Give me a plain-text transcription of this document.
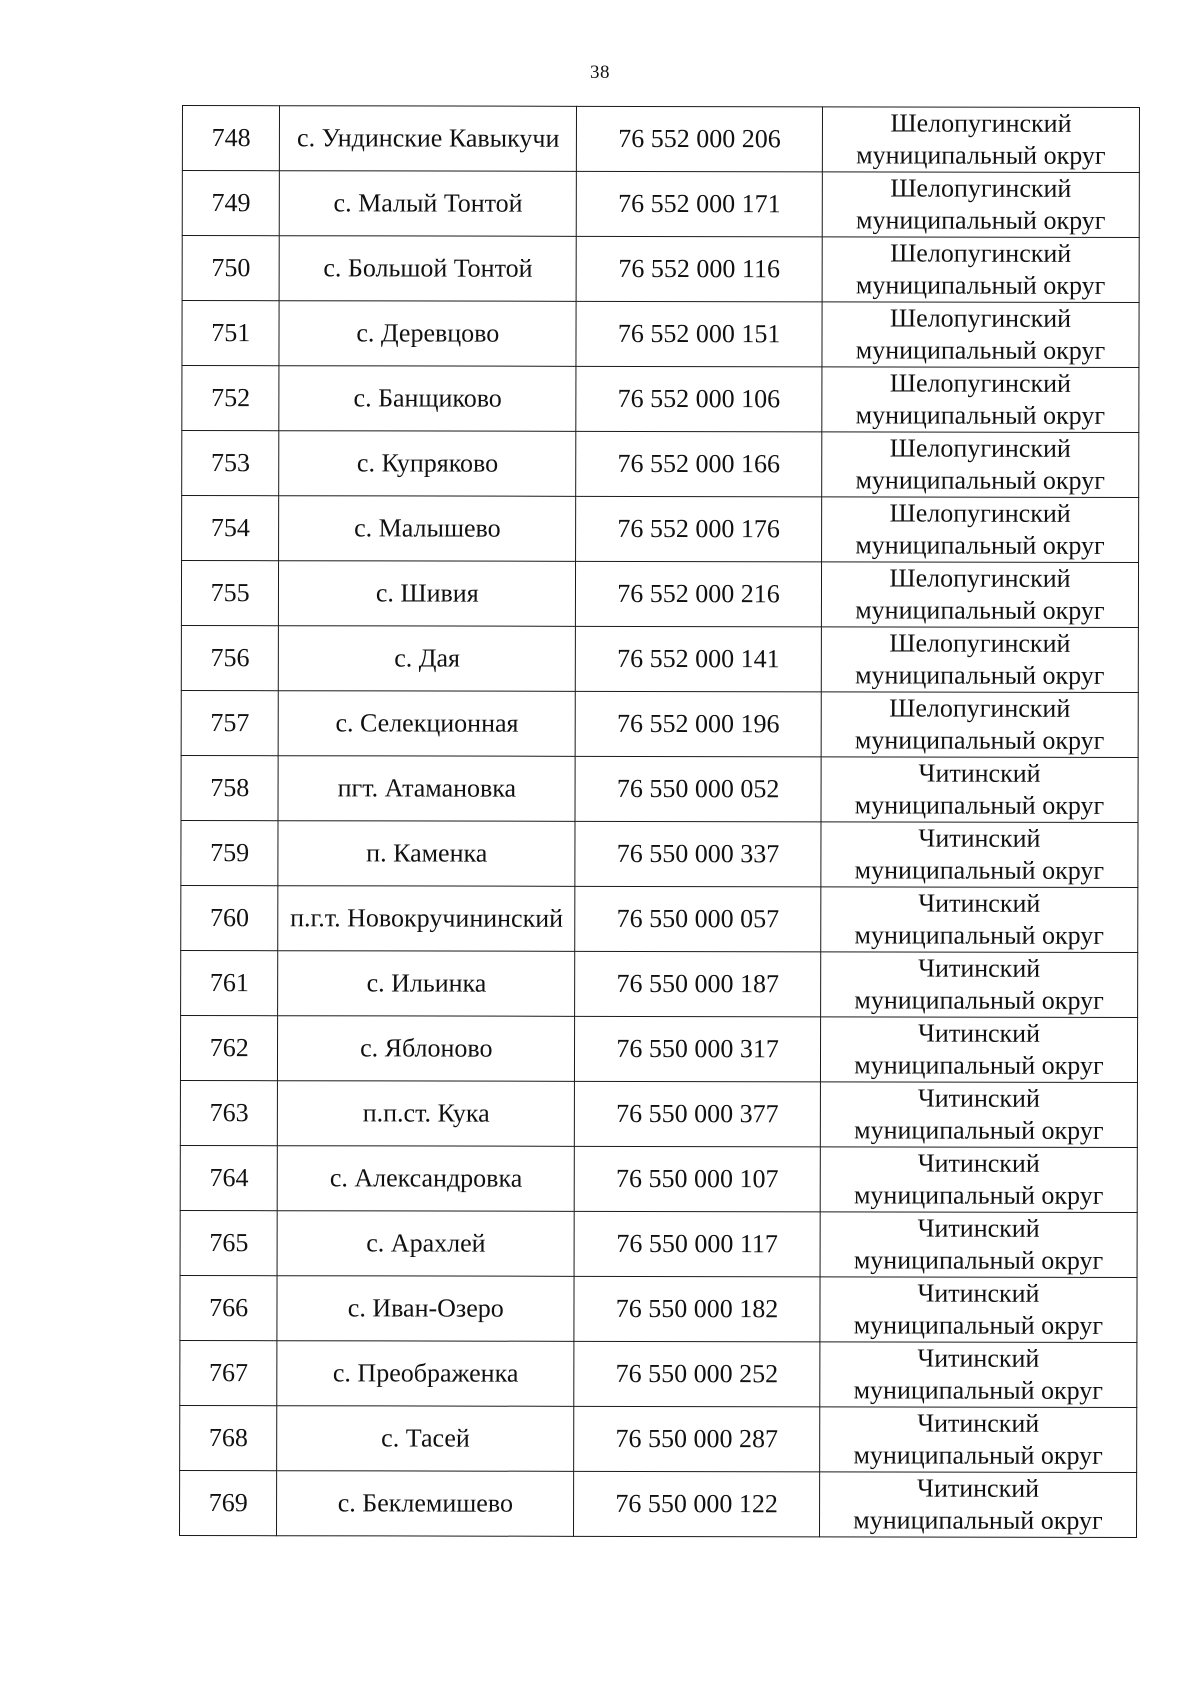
38
748	с. Ундинские Кавыкучи	76 552 000 206	Шелопугинский
муниципальный округ

749	с. Малый Тонтой	76 552 000 171	Шелопугинский
муниципальный округ

750	с. Большой Тонтой	76 552 000 116	Шелопугинский
муниципальный округ

751	с. Деревцово	76 552 000 151	Шелопугинский
муниципальный округ

752	с. Банщиково	76 552 000 106	Шелопугинский
муниципальный округ

753	с. Купряково	76 552 000 166	Шелопугинский
муниципальный округ

754	с. Малышево	76 552 000 176	Шелопугинский
муниципальный округ

755	с. Шивия	76 552 000 216	Шелопугинский
муниципальный округ

756	с. Дая	76 552 000 141	Шелопугинский
муниципальный округ

757	с. Селекционная	76 552 000 196	Шелопугинский
муниципальный округ

758	пгт. Атамановка	76 550 000 052	Читинский
муниципальный округ

759	п. Каменка	76 550 000 337	Читинский
муниципальный округ

760	п.г.т. Новокручининский	76 550 000 057	Читинский
муниципальный округ

761	с. Ильинка	76 550 000 187	Читинский
муниципальный округ

762	с. Яблоново	76 550 000 317	Читинский
муниципальный округ

763	п.п.ст. Кука	76 550 000 377	Читинский
муниципальный округ

764	с. Александровка	76 550 000 107	Читинский
муниципальный округ

765	с. Арахлей	76 550 000 117	Читинский
муниципальный округ

766	с. Иван-Озеро	76 550 000 182	Читинский
муниципальный округ

767	с. Преображенка	76 550 000 252	Читинский
муниципальный округ

768	с. Тасей	76 550 000 287	Читинский
муниципальный округ

769	с. Беклемишево	76 550 000 122	Читинский
муниципальный округ
